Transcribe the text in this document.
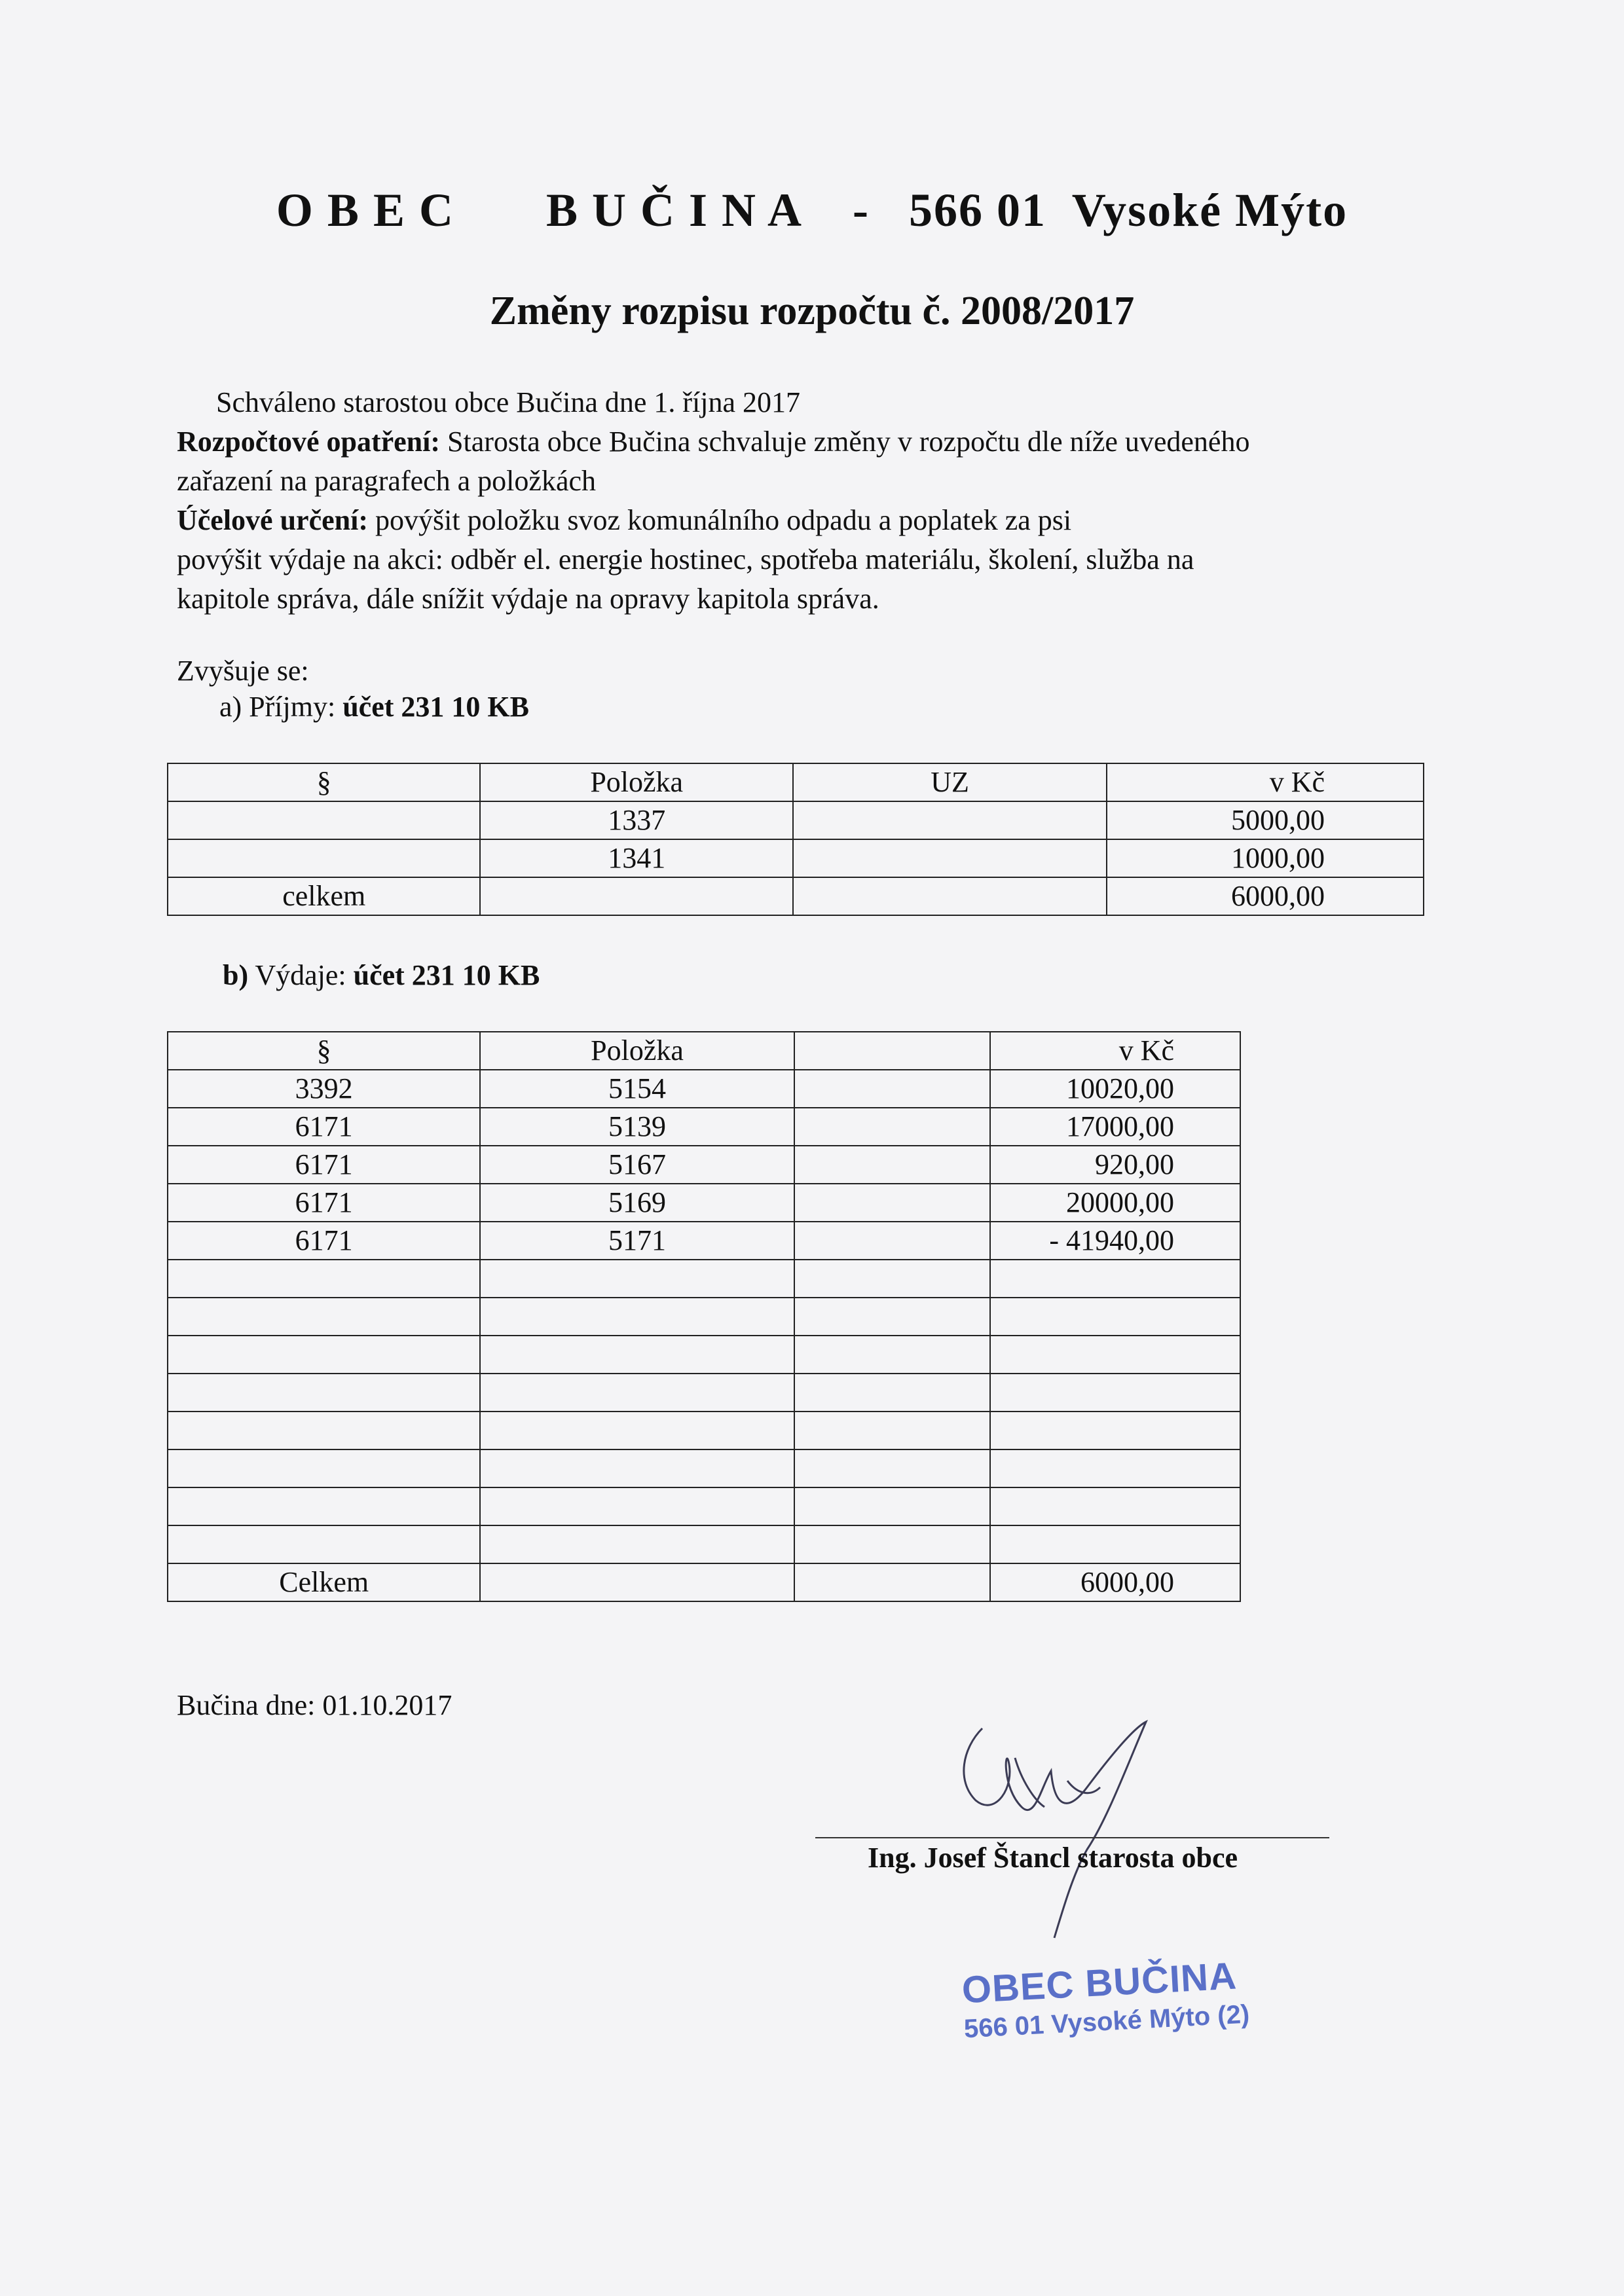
O B E C       B U Č I N A    -   566 01  Vysoké Mýto
Změny rozpisu rozpočtu č. 2008/2017
Schváleno starostou obce Bučina dne 1. října 2017
Rozpočtové opatření: Starosta obce Bučina schvaluje změny v rozpočtu dle níže uvedeného
zařazení na paragrafech a položkách
Účelové určení: povýšit položku svoz komunálního odpadu a poplatek za psi
povýšit výdaje na akci: odběr el. energie hostinec, spotřeba materiálu, školení, služba na
kapitole správa, dále snížit výdaje na opravy kapitola správa.
Zvyšuje se:
a) Příjmy: účet 231 10 KB
§	Položka	UZ	v Kč
	1337		5000,00
	1341		1000,00
celkem			6000,00
b) Výdaje: účet 231 10 KB
§	Položka		v Kč
3392	5154		10020,00
6171	5139		17000,00
6171	5167		920,00
6171	5169		20000,00
6171	5171		- 41940,00

Celkem			6000,00
Bučina dne: 01.10.2017
Ing. Josef Štancl starosta obce
OBEC BUČINA
566 01 Vysoké Mýto (2)
